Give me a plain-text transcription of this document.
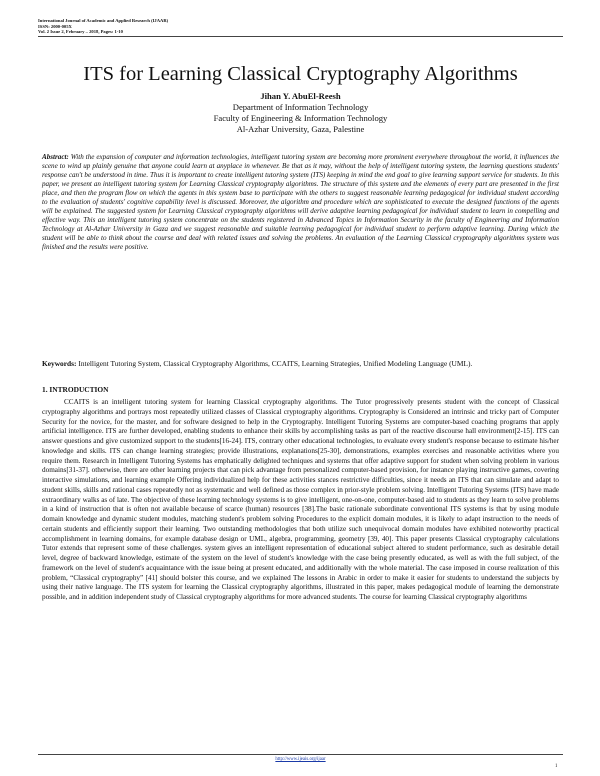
International Journal of Academic and Applied Research (IJAAR)
ISSN: 2000-005X
Vol. 2 Issue 2, February – 2018, Pages: 1-10
ITS for Learning Classical Cryptography Algorithms
Jihan Y. AbuEl-Reesh
Department of Information Technology
Faculty of Engineering & Information Technology
Al-Azhar University, Gaza, Palestine
Abstract: With the expansion of computer and information technologies, intelligent tutoring system are becoming more prominent everywhere throughout the world, it influences the scene to wind up plainly genuine that anyone could learn at anyplace in whenever. Be that as it may, without the help of intelligent tutoring system, the learning questions students' response can't be understood in time. Thus it is important to create intelligent tutoring system (ITS) keeping in mind the end goal to give learning support service for students. In this paper, we present an intelligent tutoring system for Learning Classical cryptography algorithms. The structure of this system and the elements of every part are presented in the first place, and then the program flow on which the agents in this system base to participate with the others to suggest reasonable learning pedagogical for individual student according to the evaluation of students' cognitive capability level is discussed. Moreover, the algorithm and procedure which are sophisticated to execute the designed functions of the agents will be explained. The suggested system for Learning Classical cryptography algorithms will derive adaptive learning pedagogical for individual student to learn in compelling and effective way. This an intelligent tutoring system concentrate on the students registered in Advanced Topics in Information Security in the faculty of Engineering and Information Technology at Al-Azhar University in Gaza and we suggest reasonable and suitable learning pedagogical for individual student to perform adaptive learning. During which the student will be able to think about the course and deal with related issues and solving the problems. An evaluation of the Learning Classical cryptography algorithms system was finished and the results were positive.
Keywords: Intelligent Tutoring System, Classical Cryptography Algorithms, CCAITS, Learning Strategies, Unified Modeling Language (UML).
1. INTRODUCTION

CCAITS is an intelligent tutoring system for learning Classical cryptography algorithms. The Tutor progressively presents student with the concept of Classical cryptography algorithms and portrays most repeatedly utilized classes of Classical cryptography algorithms. Cryptography is Considered an intrinsic and tricky part of Computer Security for the novice, for the master, and for software designed to help in the Cryptography. Intelligent Tutoring Systems are computer-based coaching programs that apply artificial intelligence. ITS are further developed, enabling students to enhance their skills by accomplishing tasks as part of the reactive discourse hall environment[2-15]. ITS can answer questions and give customized support to the students[16-24]. ITS, contrary other educational technologies, to evaluate every student's response because to estimate his/her knowledge and skills. ITS can change learning strategies; provide illustrations, explanations[25-30], demonstrations, examples exercises and reasonable activities where you require them. Research in Intelligent Tutoring Systems has emphatically delighted techniques and systems that offer adaptive support for student when solving problem in various domains[31-37]. otherwise, there are other learning projects that can pick advantage from personalized computer-based provision, for instance playing instructive games, covering interactive simulations, and learning example Offering individualized help for these activities stances restrictive difficulties, since it needs an ITS that can simulate and adapt to student skills, skills and rational cases repeatedly not as systematic and well defined as those complex in prior-style problem solving. Intelligent Tutoring Systems (ITS) have made extraordinary walks as of late. The objective of these learning technology systems is to give intelligent, one-on-one, computer-based aid to students as they learn to solve problems in a kind of instruction that is often not available because of scarce (human) resources [38].The basic rationale subordinate conventional ITS systems is that by using module domain knowledge and dynamic student modules, matching student's problem solving Procedures to the explicit domain modules, it is likely to adapt instruction to the needs of certain students and efficiently support their learning. Two outstanding methodologies that both utilize such unequivocal domain modules have exhibited noteworthy practical accomplishment in learning domains, for example database design or UML, algebra, programming, geometry [39, 40]. This paper presents Classical cryptography calculations Tutor extends that represent some of these challenges. system gives an intelligent representation of educational subject altered to student performance, such as desirable detail level, degree of backward knowledge, estimate of the system on the level of student's knowledge with the case being presently educated, as well as with the full subject, of the framework on the level of student's acquaintance with the issue being at present educated, and additionally with the whole material. The case imposed in course realization of this problem, “Classical cryptography” [41] should bolster this course, and we explained The lessons in Arabic in order to make it easier for students to understand the subjects by using their native language. The ITS system for learning the Classical cryptography algorithms, illustrated in this paper, makes pedagogical module of learning the demonstrate possible, and in addition independent study of Classical cryptography algorithms for more advanced students. The course for learning Classical cryptography algorithms

http://www.ijeais.org/ijaar
1
